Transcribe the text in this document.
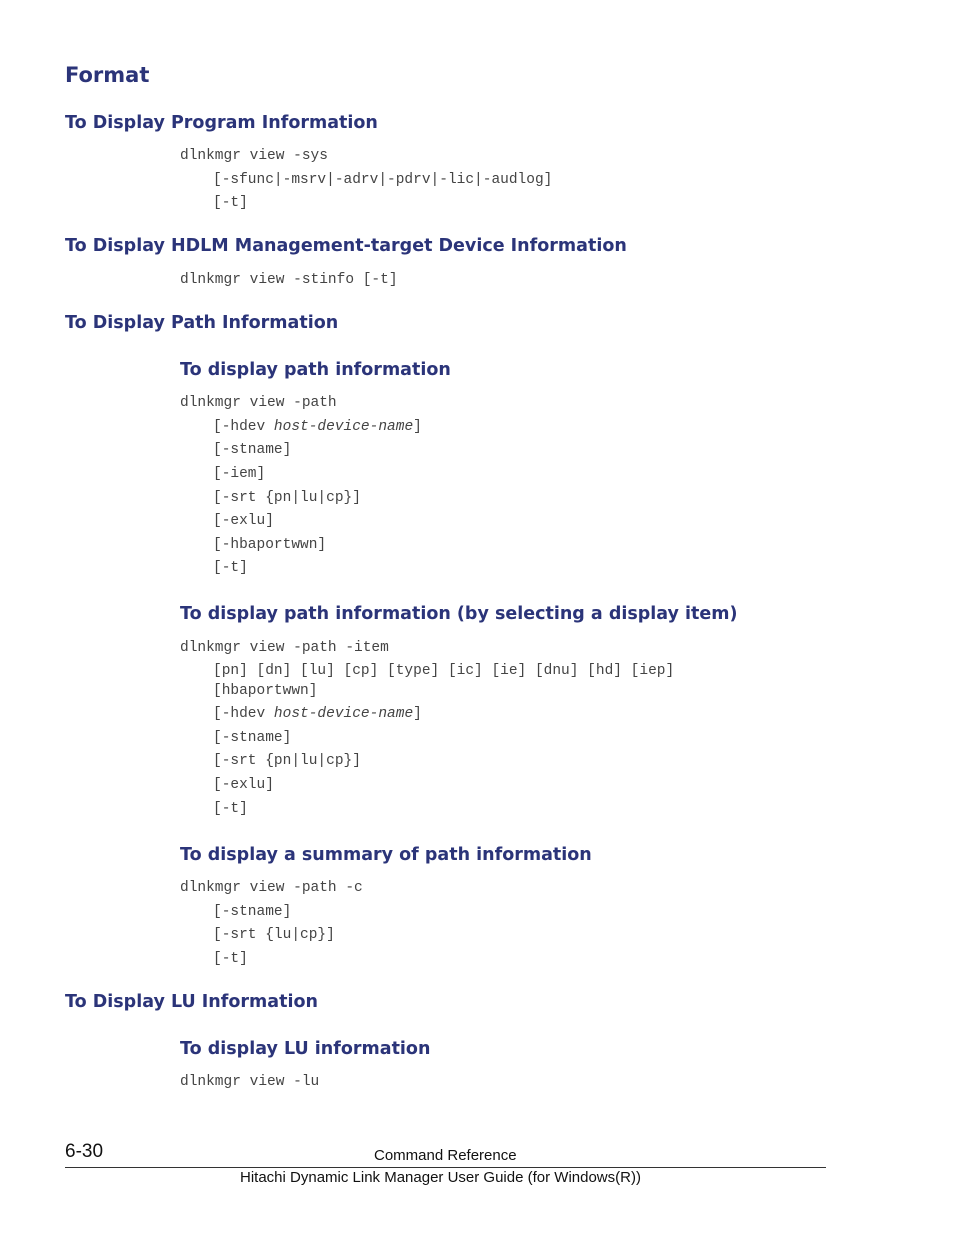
Format
To Display Program Information
dlnkmgr view -sys
[-sfunc|-msrv|-adrv|-pdrv|-lic|-audlog]
[-t]
To Display HDLM Management-target Device Information
dlnkmgr view -stinfo [-t]
To Display Path Information
To display path information
dlnkmgr view -path
[-hdev host-device-name]
[-stname]
[-iem]
[-srt {pn|lu|cp}]
[-exlu]
[-hbaportwwn]
[-t]
To display path information (by selecting a display item)
dlnkmgr view -path -item
[pn] [dn] [lu] [cp] [type] [ic] [ie] [dnu] [hd] [iep]
[hbaportwwn]
[-hdev host-device-name]
[-stname]
[-srt {pn|lu|cp}]
[-exlu]
[-t]
To display a summary of path information
dlnkmgr view -path -c
[-stname]
[-srt {lu|cp}]
[-t]
To Display LU Information
To display LU information
dlnkmgr view -lu
6-30	Command Reference
Hitachi Dynamic Link Manager User Guide (for Windows(R))
